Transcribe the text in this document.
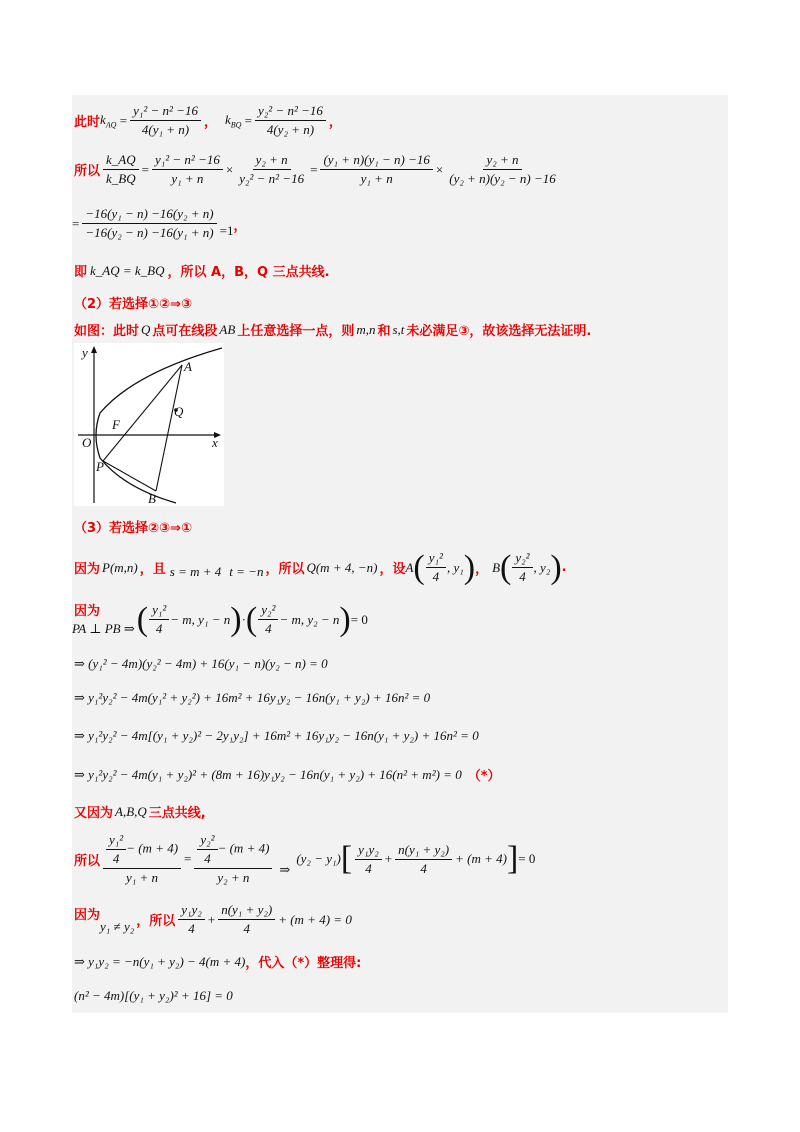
此时 $k_{AQ} = \frac{\text{y₁² − n² −16}}{\text{4(y₁ + n)}}$ ， $k_{BQ} = \frac{\text{y₂² − n² −16}}{\text{4(y₂ + n)}}$ ，
所以 $\frac{k\_AQ}{k\_BQ} = \frac{\text{y₁² − n² −16}}{\text{y₁ + n}} \times \frac{\text{y₂ + n}}{\text{y₂² − n² −16}} = \frac{\text{(y₁ + n)(y₁ − n) −16}}{\text{y₁ + n}} \times \frac{\text{y₂ + n}}{\text{(y₂ + n)(y₂ − n) −16}}$
= $\frac{\text{−16(y₁ − n) −16(y₂ + n)}}{\text{−16(y₂ − n) −16(y₁ + n)}} = 1$ ，
即 k_AQ = k_BQ ，所以 A，B，Q 三点共线.
（2）若选择①②⇒③
如图：此时 Q 点可在线段 AB 上任意选择一点，则 m,n 和 s,t 未必满足③，故该选择无法证明.
y
x
O
F
A
Q
P
B
（3）若选择②③⇒①
因为 P(m,n) ，且 s = m + 4 t = −n ，所以 Q(m + 4, −n) ，设 A ( y₁²
4
, y₁ ) ， B ( y₂²
4
, y₂ ) .
因为
PA ⊥ PB ⇒ ( y₁²
4
− m, y₁ − n ) · ( y₂²
4
− m, y₂ − n ) = 0
⇒ (y₁² − 4m)(y₂² − 4m) + 16(y₁ − n)(y₂ − n) = 0
⇒ y₁²y₂² − 4m(y₁² + y₂²) + 16m² + 16y₁y₂ − 16n(y₁ + y₂) + 16n² = 0
⇒ y₁²y₂² − 4m[(y₁ + y₂)² − 2y₁y₂] + 16m² + 16y₁y₂ − 16n(y₁ + y₂) + 16n² = 0
⇒ y₁²y₂² − 4m(y₁ + y₂)² + (8m + 16)y₁y₂ − 16n(y₁ + y₂) + 16(n² + m²) = 0 （*）
又因为 A,B,Q 三点共线,
所以 $\frac{\frac{\text{y₁²}}{4} - (m + 4)}{\text{y₁ + n}} = \frac{\frac{\text{y₂²}}{4} - (m + 4)}{\text{y₂ + n}}$ ⇒
(y₂ − y₁) [ y₁y₂
4
+ $\frac{\text{n(y₁ + y₂)}}{4} + (m + 4)$ ] = 0
因为
y₁ ≠ y₂ ，所以
y₁y₂
4
+ $\frac{\text{n(y₁ + y₂)}}{4} + (m + 4) = 0$
⇒ y₁y₂ = −n(y₁ + y₂) − 4(m + 4) ，代入（*）整理得:
(n² − 4m)[(y₁ + y₂)² + 16] = 0
